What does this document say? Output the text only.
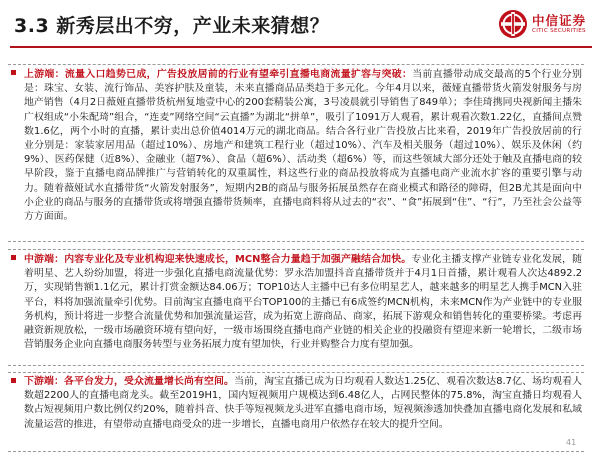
3.3 新秀层出不穷，产业未来猜想？	中信证券
CITIC SECURITIES

上游端：流量入口趋势已成，广告投放居前的行业有望牵引直播电商流量扩容与突破：当前直播带动成交最高的5个行业分别是：珠宝、女装、流行饰品、美容护肤及童装，未来直播商品品类趋于多元化。今年4月以来，薇娅直播带货火箭发射服务与房地产销售（4月2日薇娅直播带货杭州复地壹中心的200套精装公寓，3号凌晨就引导销售了849单）；李佳琦携同央视新闻主播朱广权组成“小朱配琦”组合，“连麦”网络空间“云直播”为湖北“拼单”，吸引了1091万人观看，累计观看次数1.22亿，直播间点赞数1.6亿，两个小时的直播，累计卖出总价值4014万元的湖北商品。结合各行业广告投放占比来看，2019年广告投放居前的行业分别是：家装家居用品（超过10%）、房地产和建筑工程行业（超过10%）、汽车及相关服务（超过10%）、娱乐及休闲（约9%）、医药保健（近8%）、金融业（超7%）、食品（超6%）、活动类（超6%）等，而这些领域大部分还处于触及直播电商的较早阶段，鉴于直播电商品牌推广与营销转化的双重属性，料这些行业的商品投放将成为直播电商产业流水扩容的重要引擎与动力。随着薇娅试水直播带货“火箭发射服务”，短期内2B的商品与服务拓展虽然存在商业模式和路径的障碍，但2B尤其是面向中小企业的商品与服务的直播带货或将增强直播带货频率，直播电商料将从过去的“衣”、“食”拓展到“住”、“行”，乃至社会公益等方方面面。

中游端：内容专业化及专业机构迎来快速成长，MCN整合力量趋于加强产融结合加快。专业化主播支撑产业链专业化发展，随着明星、艺人纷纷加盟，将进一步强化直播电商流量优势：罗永浩加盟抖音直播带货并于4月1日首播，累计观看人次达4892.2万，实现销售额1.1亿元，累计打赏金额达84.06万；TOP10达人主播中已有多位明星艺人，越来越多的明星艺人携手MCN入驻平台，料将加强流量牵引优势。目前淘宝直播电商平台TOP100的主播已有6成签约MCN机构，未来MCN作为产业链中的专业服务机构，预计将进一步整合流量优势和加强流量运营，成为拓宽上游商品、商家，拓展下游观众和销售转化的重要桥梁。考虑再融资新规放松，一级市场融资环境有望向好，一级市场围绕直播电商产业链的相关企业的投融资有望迎来新一轮增长，二级市场营销服务企业向直播电商服务转型与业务拓展力度有望加快，行业并购整合力度有望加强。

下游端：各平台发力，受众流量增长尚有空间。当前，淘宝直播已成为日均观看人数达1.25亿、观看次数达8.7亿、场均观看人数超2200人的直播电商龙头。截至2019H1，国内短视频用户规模达到6.48亿人，占网民整体的75.8%，淘宝直播日均观看人数占短视频用户数比例仅约20%，随着抖音、快手等短视频龙头进军直播电商市场，短视频渗透加快叠加直播电商化发展和私域流量运营的推进，有望带动直播电商受众的进一步增长，直播电商用户依然存在较大的提升空间。

41
